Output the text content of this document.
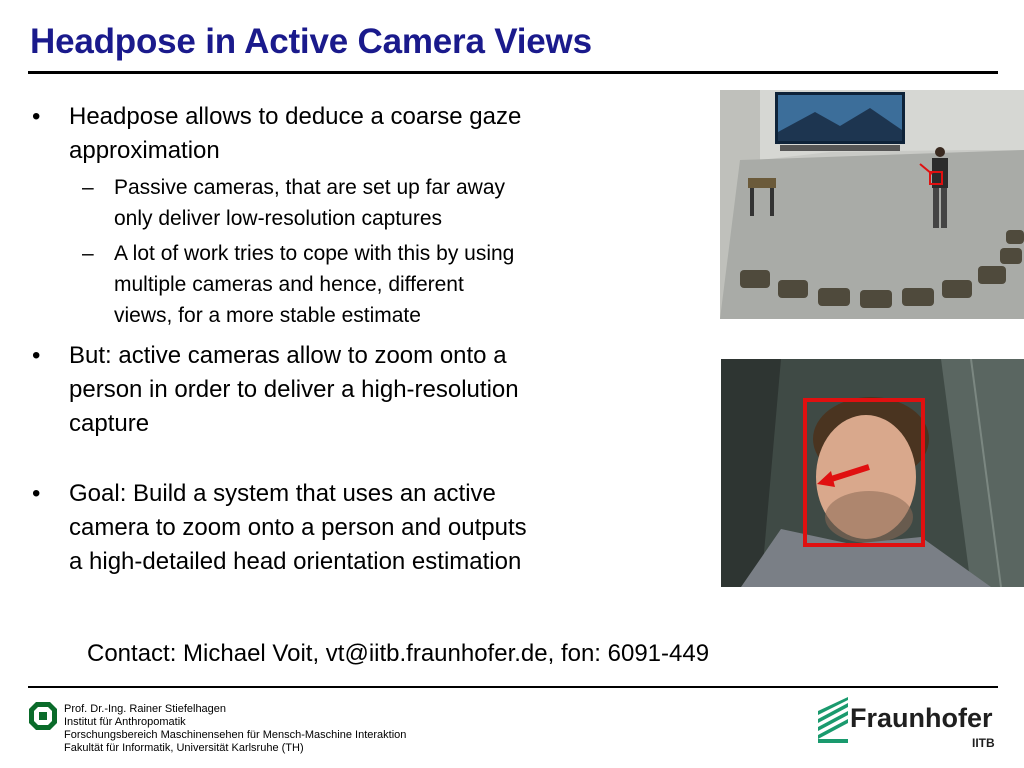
Headpose in Active Camera Views
• Headpose allows to deduce a coarse gaze
approximation
– Passive cameras, that are set up far away
only deliver low-resolution captures
– A lot of work tries to cope with this by using
multiple cameras and hence, different
views, for a more stable estimate
• But: active cameras allow to zoom onto a
person in order to deliver a high-resolution
capture
• Goal: Build a system that uses an active
camera to zoom onto a person and outputs
a high-detailed head orientation estimation

Contact: Michael Voit, vt@iitb.fraunhofer.de, fon: 6091-449

Prof. Dr.-Ing. Rainer Stiefelhagen
Institut für Anthropomatik
Forschungsbereich Maschinensehen für Mensch-Maschine Interaktion
Fakultät für Informatik, Universität Karlsruhe (TH)
Fraunhofer
IITB
